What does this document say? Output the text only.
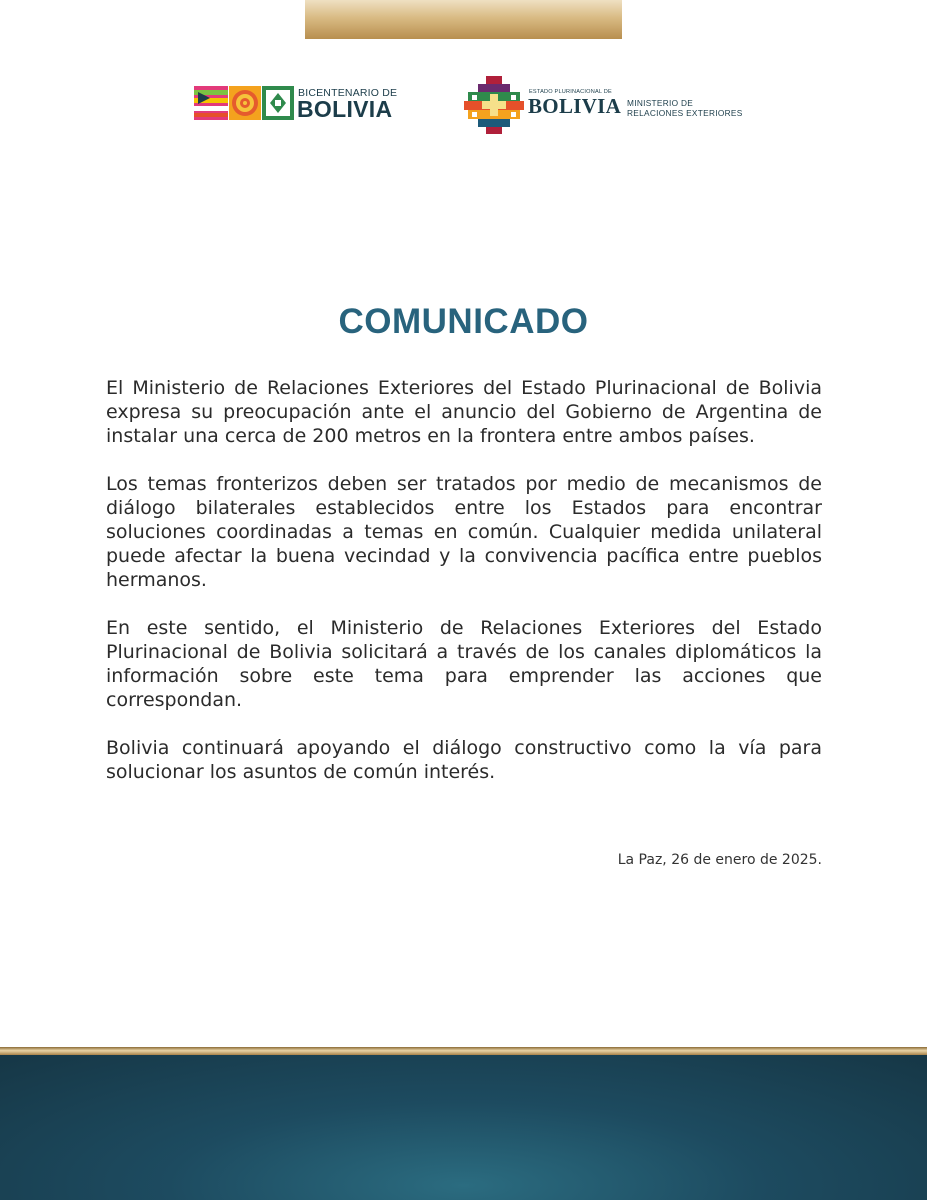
BICENTENARIO DE
BOLIVIA
ESTADO PLURINACIONAL DE
BOLIVIA MINISTERIO DE
RELACIONES EXTERIORES
COMUNICADO

El Ministerio de Relaciones Exteriores del Estado Plurinacional de Bolivia expresa su preocupación ante el anuncio del Gobierno de Argentina de instalar una cerca de 200 metros en la frontera entre ambos países.

Los temas fronterizos deben ser tratados por medio de mecanismos de diálogo bilaterales establecidos entre los Estados para encontrar soluciones coordinadas a temas en común. Cualquier medida unilateral puede afectar la buena vecindad y la convivencia pacífica entre pueblos hermanos.

En este sentido, el Ministerio de Relaciones Exteriores del Estado Plurinacional de Bolivia solicitará a través de los canales diplomáticos la información sobre este tema para emprender las acciones que correspondan.

Bolivia continuará apoyando el diálogo constructivo como la vía para solucionar los asuntos de común interés.

La Paz, 26 de enero de 2025.
